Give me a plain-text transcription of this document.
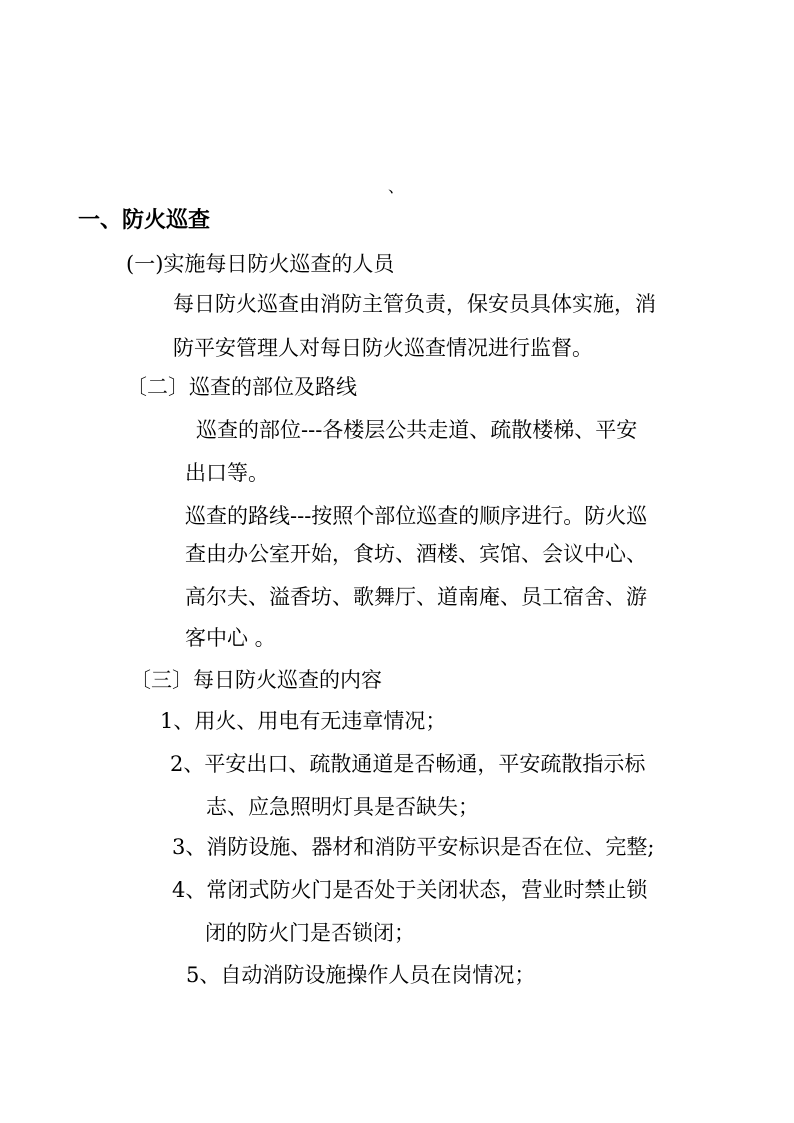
、
一、防火巡查
(一)实施每日防火巡查的人员
每日防火巡查由消防主管负责，保安员具体实施，消
防平安管理人对每日防火巡查情况进行监督。
〔二〕巡查的部位及路线
巡查的部位---各楼层公共走道、疏散楼梯、平安
出口等。
巡查的路线---按照个部位巡查的顺序进行。防火巡
查由办公室开始，食坊、酒楼、宾馆、会议中心、
高尔夫、溢香坊、歌舞厅、道南庵、员工宿舍、游
客中心 。
〔三〕每日防火巡查的内容
1、用火、用电有无违章情况；
2、平安出口、疏散通道是否畅通，平安疏散指示标
志、应急照明灯具是否缺失；
3、消防设施、器材和消防平安标识是否在位、完整;
4、常闭式防火门是否处于关闭状态，营业时禁止锁
闭的防火门是否锁闭；
5、自动消防设施操作人员在岗情况；
